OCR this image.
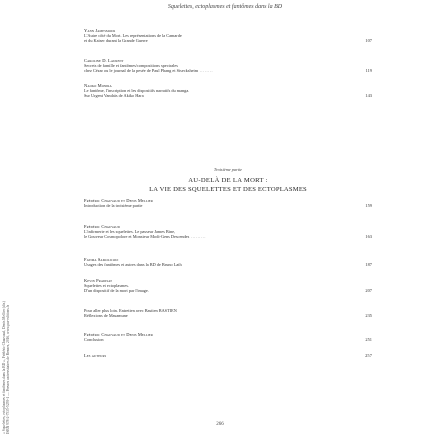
Squelettes, ectoplasmes et fantômes dans la BD
« Squelettes, ectoplasmes et fantômes dans la BD », Frédéric Chauvaud, Denis Mellier (dir.) ISBN 978-2-7535-5259-1 — Presses universitaires de Rennes, 2016, www.pur-editions.fr
Yann Jamesmour
L'Autre côté du Mort. Les représentations de la Camarde
et du Kaiser durant la Grande Guerre	107
Caroline D. Laurent
Secrets de famille et fantômes/compositions spectrales
chez Cézar ou le journal de la pesée de Paul Phang et Sisecksheim ........	119
Naoko Monira
Le fantôme, l'inscription et les dispositifs narratifs du manga.
Sur Urgent Vandaïs de Akiko Hara	143
Troisième partie
AU-DELÀ DE LA MORT :
LA VIE DES SQUELETTES ET DES ECTOPLASMES
Frédéric Chauvaud et Denis Mellier
Introduction de la troisième partie	159
Frédéric Chauvaud
L'infirmerie et les squelettes. Le passeur James Bine,
le Gouveur Cosmopolore et Monsieur Modi-Gens Descendes .........	163
Fatima Samolicoui
Usages des fantômes et autres dans la BD de Bruno Lath	187
Kevin Pradisat
Squelettes et ectoplasmes.
D'un dispositif de la mort par l'image.	207
Pour aller plus loin. Entretien avec Bastien BASTIEN
Réflexions de Masamune	235
Frédéric Chauvaud et Denis Mellier
Conclusion	251
Les auteurs	257
266
